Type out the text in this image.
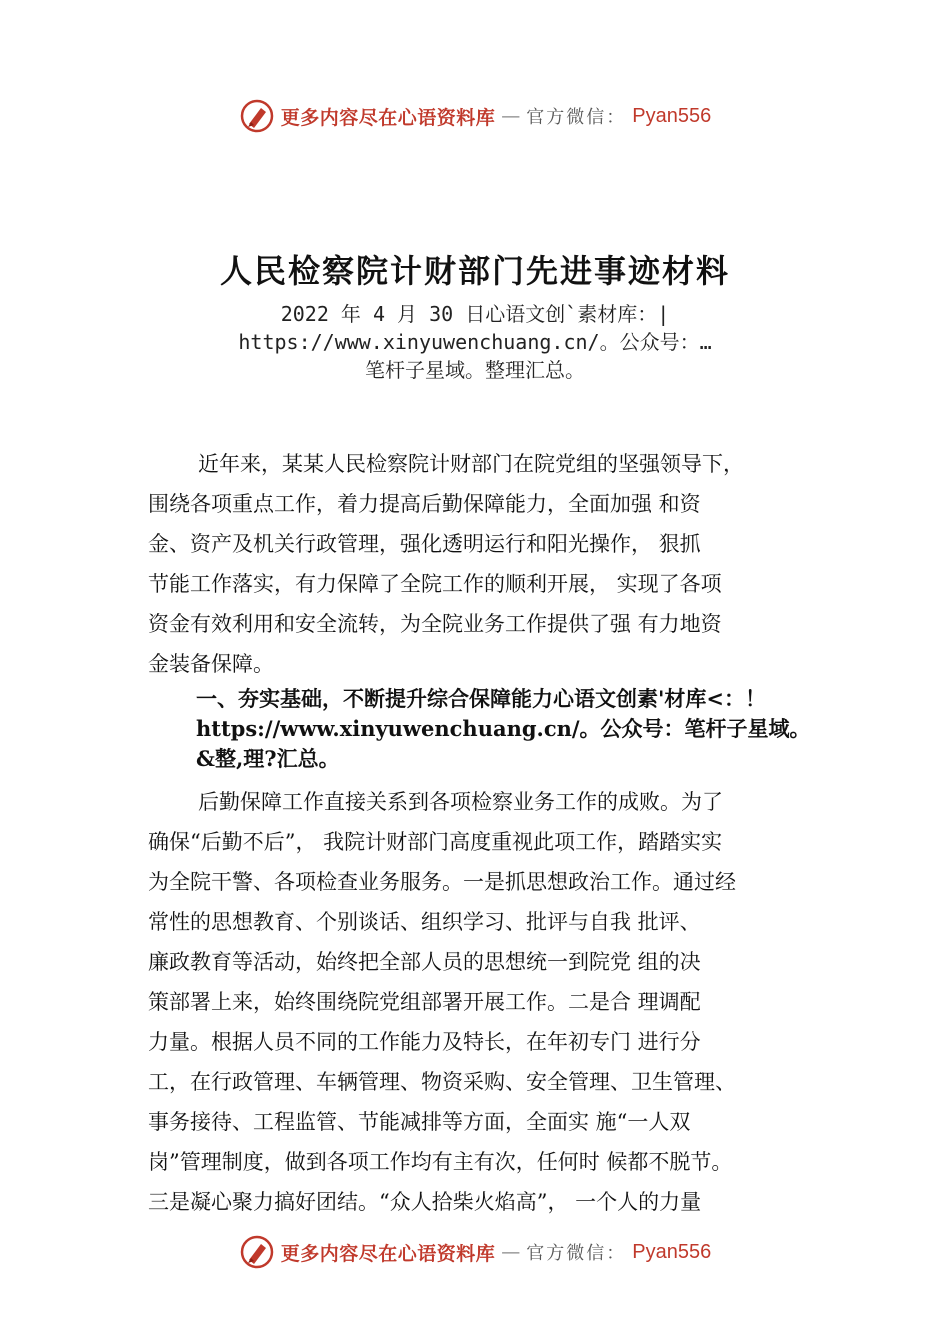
更多内容尽在心语资料库 — 官方微信： Pyan556
人民检察院计财部门先进事迹材料
2022 年 4 月 30 日心语文创`素材库：|
https://www.xinyuwenchuang.cn/。公众号：…
笔杆子星域。整理汇总。
近年来，某某人民检察院计财部门在院党组的坚强领导下，
围绕各项重点工作，着力提高后勤保障能力，全面加强 和资
金、资产及机关行政管理，强化透明运行和阳光操作， 狠抓
节能工作落实，有力保障了全院工作的顺利开展， 实现了各项
资金有效利用和安全流转，为全院业务工作提供了强 有力地资
金装备保障。
一、夯实基础，不断提升综合保障能力心语文创素'材库<：！
https://www.xinyuwenchuang.cn/。公众号：笔杆子星域。
&整,理?汇总。
后勤保障工作直接关系到各项检察业务工作的成败。为了
确保“后勤不后”， 我院计财部门高度重视此项工作，踏踏实实
为全院干警、各项检查业务服务。一是抓思想政治工作。通过经
常性的思想教育、个别谈话、组织学习、批评与自我 批评、
廉政教育等活动，始终把全部人员的思想统一到院党 组的决
策部署上来，始终围绕院党组部署开展工作。二是合 理调配
力量。根据人员不同的工作能力及特长，在年初专门 进行分
工，在行政管理、车辆管理、物资采购、安全管理、卫生管理、
事务接待、工程监管、节能减排等方面，全面实 施“一人双
岗”管理制度，做到各项工作均有主有次，任何时 候都不脱节。
三是凝心聚力搞好团结。“众人拾柴火焰高”， 一个人的力量
更多内容尽在心语资料库 — 官方微信： Pyan556
